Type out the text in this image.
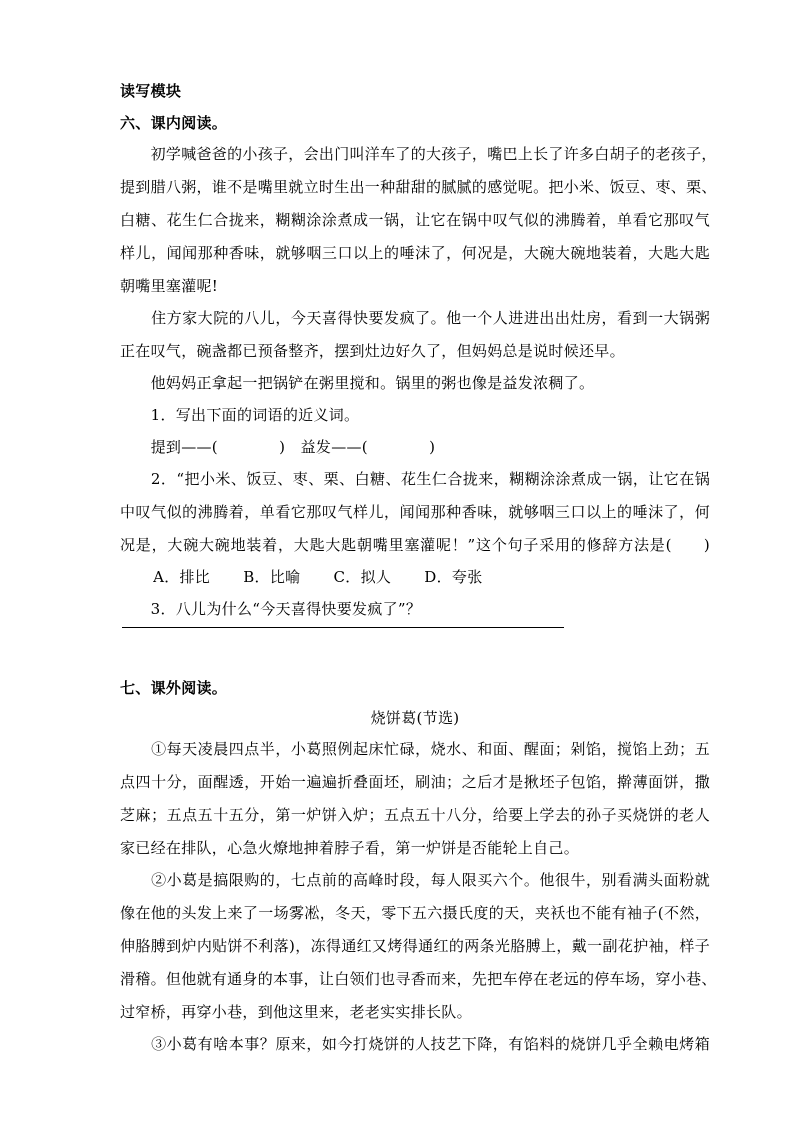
读写模块
六、课内阅读。
　　初学喊爸爸的小孩子，会出门叫洋车了的大孩子，嘴巴上长了许多白胡子的老孩子，
提到腊八粥，谁不是嘴里就立时生出一种甜甜的腻腻的感觉呢。把小米、饭豆、枣、栗、
白糖、花生仁合拢来，糊糊涂涂煮成一锅，让它在锅中叹气似的沸腾着，单看它那叹气
样儿，闻闻那种香味，就够咽三口以上的唾沫了，何况是，大碗大碗地装着，大匙大匙
朝嘴里塞灌呢!
　　住方家大院的八儿，今天喜得快要发疯了。他一个人进进出出灶房，看到一大锅粥
正在叹气，碗盏都已预备整齐，摆到灶边好久了，但妈妈总是说时候还早。
　　他妈妈正拿起一把锅铲在粥里搅和。锅里的粥也像是益发浓稠了。
　　1．写出下面的词语的近义词。
　　提到——(　　　　)　益发——(　　　　)
　　2．“把小米、饭豆、枣、栗、白糖、花生仁合拢来，糊糊涂涂煮成一锅，让它在锅
中叹气似的沸腾着，单看它那叹气样儿，闻闻那种香味，就够咽三口以上的唾沫了，何
况是，大碗大碗地装着，大匙大匙朝嘴里塞灌呢！”这个句子采用的修辞方法是(　　)
A．排比 B．比喻 C．拟人 D．夸张
　　3．八儿为什么“今天喜得快要发疯了”？
七、课外阅读。
烧饼葛(节选)
　　①每天凌晨四点半，小葛照例起床忙碌，烧水、和面、醒面；剁馅，搅馅上劲；五
点四十分，面醒透，开始一遍遍折叠面坯，刷油；之后才是揪坯子包馅，擀薄面饼，撒
芝麻；五点五十五分，第一炉饼入炉；五点五十八分，给要上学去的孙子买烧饼的老人
家已经在排队，心急火燎地抻着脖子看，第一炉饼是否能轮上自己。
　　②小葛是搞限购的，七点前的高峰时段，每人限买六个。他很牛，别看满头面粉就
像在他的头发上来了一场雾凇，冬天，零下五六摄氏度的天，夹袄也不能有袖子(不然，
伸胳膊到炉内贴饼不利落)，冻得通红又烤得通红的两条光胳膊上，戴一副花护袖，样子
滑稽。但他就有通身的本事，让白领们也寻香而来，先把车停在老远的停车场，穿小巷、
过窄桥，再穿小巷，到他这里来，老老实实排长队。
　　③小葛有啥本事？原来，如今打烧饼的人技艺下降，有馅料的烧饼几乎全赖电烤箱
